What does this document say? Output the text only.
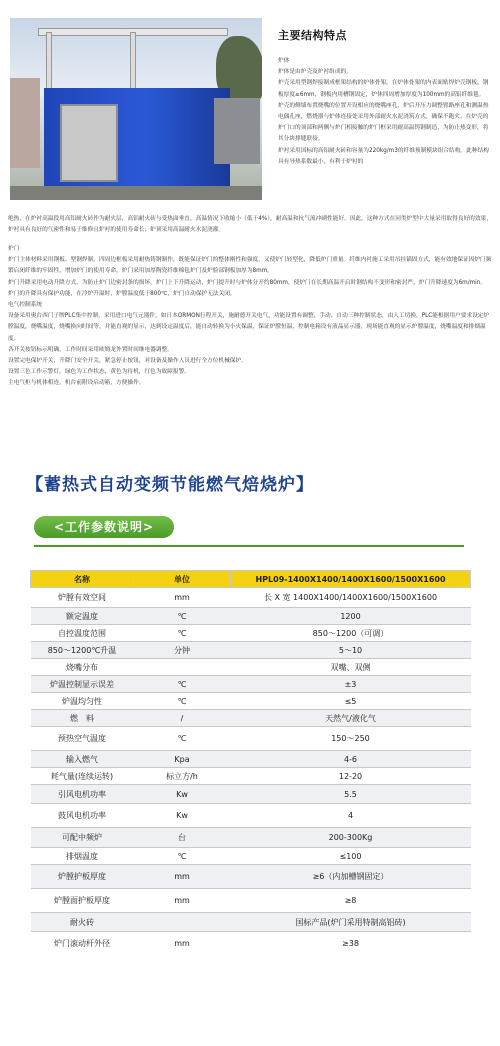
主要结构特点
炉体
炉体是由炉壳及炉衬组成的。
炉壳采用型钢焊接制成框架结构的炉体骨架，在炉体骨架的内表面贴焊炉壳钢板，钢板厚度≥6mm，钢板内用槽钢固定，炉体四周增加厚度为100mm的高铝纤维毯。
炉壳的侧墙布置烧嘴的位置开设相应的烧嘴座孔，炉后开压力调整臂路座孔和测温热电偶孔座，燃烧器与炉体连接处采用外部耐火水泥浇筑方式，确保不跑火。在炉壳的炉门口的顶部和两侧与炉门相接触的炉门框采用耐高温铸钢制造，为防止热变形，将其分块排缝联接。
炉衬采用国标的高铝耐火砖和容量为220kg/m3的纤维预制模块组合结构。此种结构具有导热系数最小、有利于炉衬的
绝热，在炉衬高温段用高铝耐火砖作为耐火层，高铝耐火砖与受热面垂直，高温情况下收缩小（低于4%），耐高温和抗气流冲刷性能好。因此，这种方式在同类炉型中大量采用取得良好的效果，炉衬具有良好的气密性和易于维修且炉衬的使用寿命长；炉顶采用高温耐火水泥浇灌。
炉门
炉门主体材料采用钢板、型钢焊制，四周边框板采用耐热铸钢制作，既能保证炉门的整体刚性和强度，又使炉门轻型化，降低炉门重量。纤维内衬施工采用吊挂锚固方式，能有效地保证因炉门频繁启闭纤维的牢固性，增加炉门的使用寿命，炉门采用加厚陶瓷纤维棉毡炉门及炉脸部钢板加厚为8mm。
炉门升降采用电动升降方式，为防止炉门边密封条的损坏，炉门上下升降运动，炉门提升时与炉体分开约80mm，使炉门在长期高温开启时钢结构不变形和密封严，炉门升降速度为6m/min。
炉门的升降具有保护功能，在冷炉升温时，炉膛温度低于800℃，炉门自动保护无法关闭。
电气控制系统
设备采用奥台西门子牌PLC集中控制，采用进口电气元器件，如日本ORMON行程开关，施耐德开关电气，功能设置有调整、手动、自动三种控制状态，由人工切换，PLC能根据用户要求设定炉膛温度，烧嘴温度，烧嘴换向时间等，并能直观的显示，达到设定温度后，能自动转换为小火保温，保证炉膛恒温，控制电箱设有液晶显示器，现场能直观的显示炉膛温度，烧嘴温度和排烟温度。
各开关按钮标示明确，工作时间采用欧姆龙外置时间继电器调整。
设置完电保护开关，升降门安全开关，紧急停止按钮，对设备及操作人员进行全方位机械保护。
设置三色工作示警灯，绿色为工作状态，黄色为待机，红色为故障报警。
主电气柜与机体相连，机台前附设启动箱，方便操作。
【蓄热式自动变频节能燃气焙烧炉】
<工作参数说明>
名称	单位	HPL09-1400X1400/1400X1600/1500X1600
炉膛有效空间	mm	长 X 宽 1400X1400/1400X1600/1500X1600
额定温度	℃	1200
自控温度范围	℃	850～1200（可调）
850～1200℃升温	分钟	5～10
烧嘴分布		双嘴、双侧
炉温控制显示误差	℃	±3
炉温均匀性	℃	≤5
燃　料	/	天然气/液化气
预热空气温度	℃	150～250
输入燃气	Kpa	4-6
耗气量(连续运转)	标立方/h	12-20
引风电机功率	Kw	5.5
鼓风电机功率	Kw	4
可配中频炉	台	200-300Kg
排烟温度	℃	≤100
炉膛护板厚度	mm	≥6（内加槽钢固定）
炉膛面护板厚度	mm	≥8
耐火砖		国标产品(炉门采用特制高铝砖)
炉门滚动杆外径	mm	≥38
